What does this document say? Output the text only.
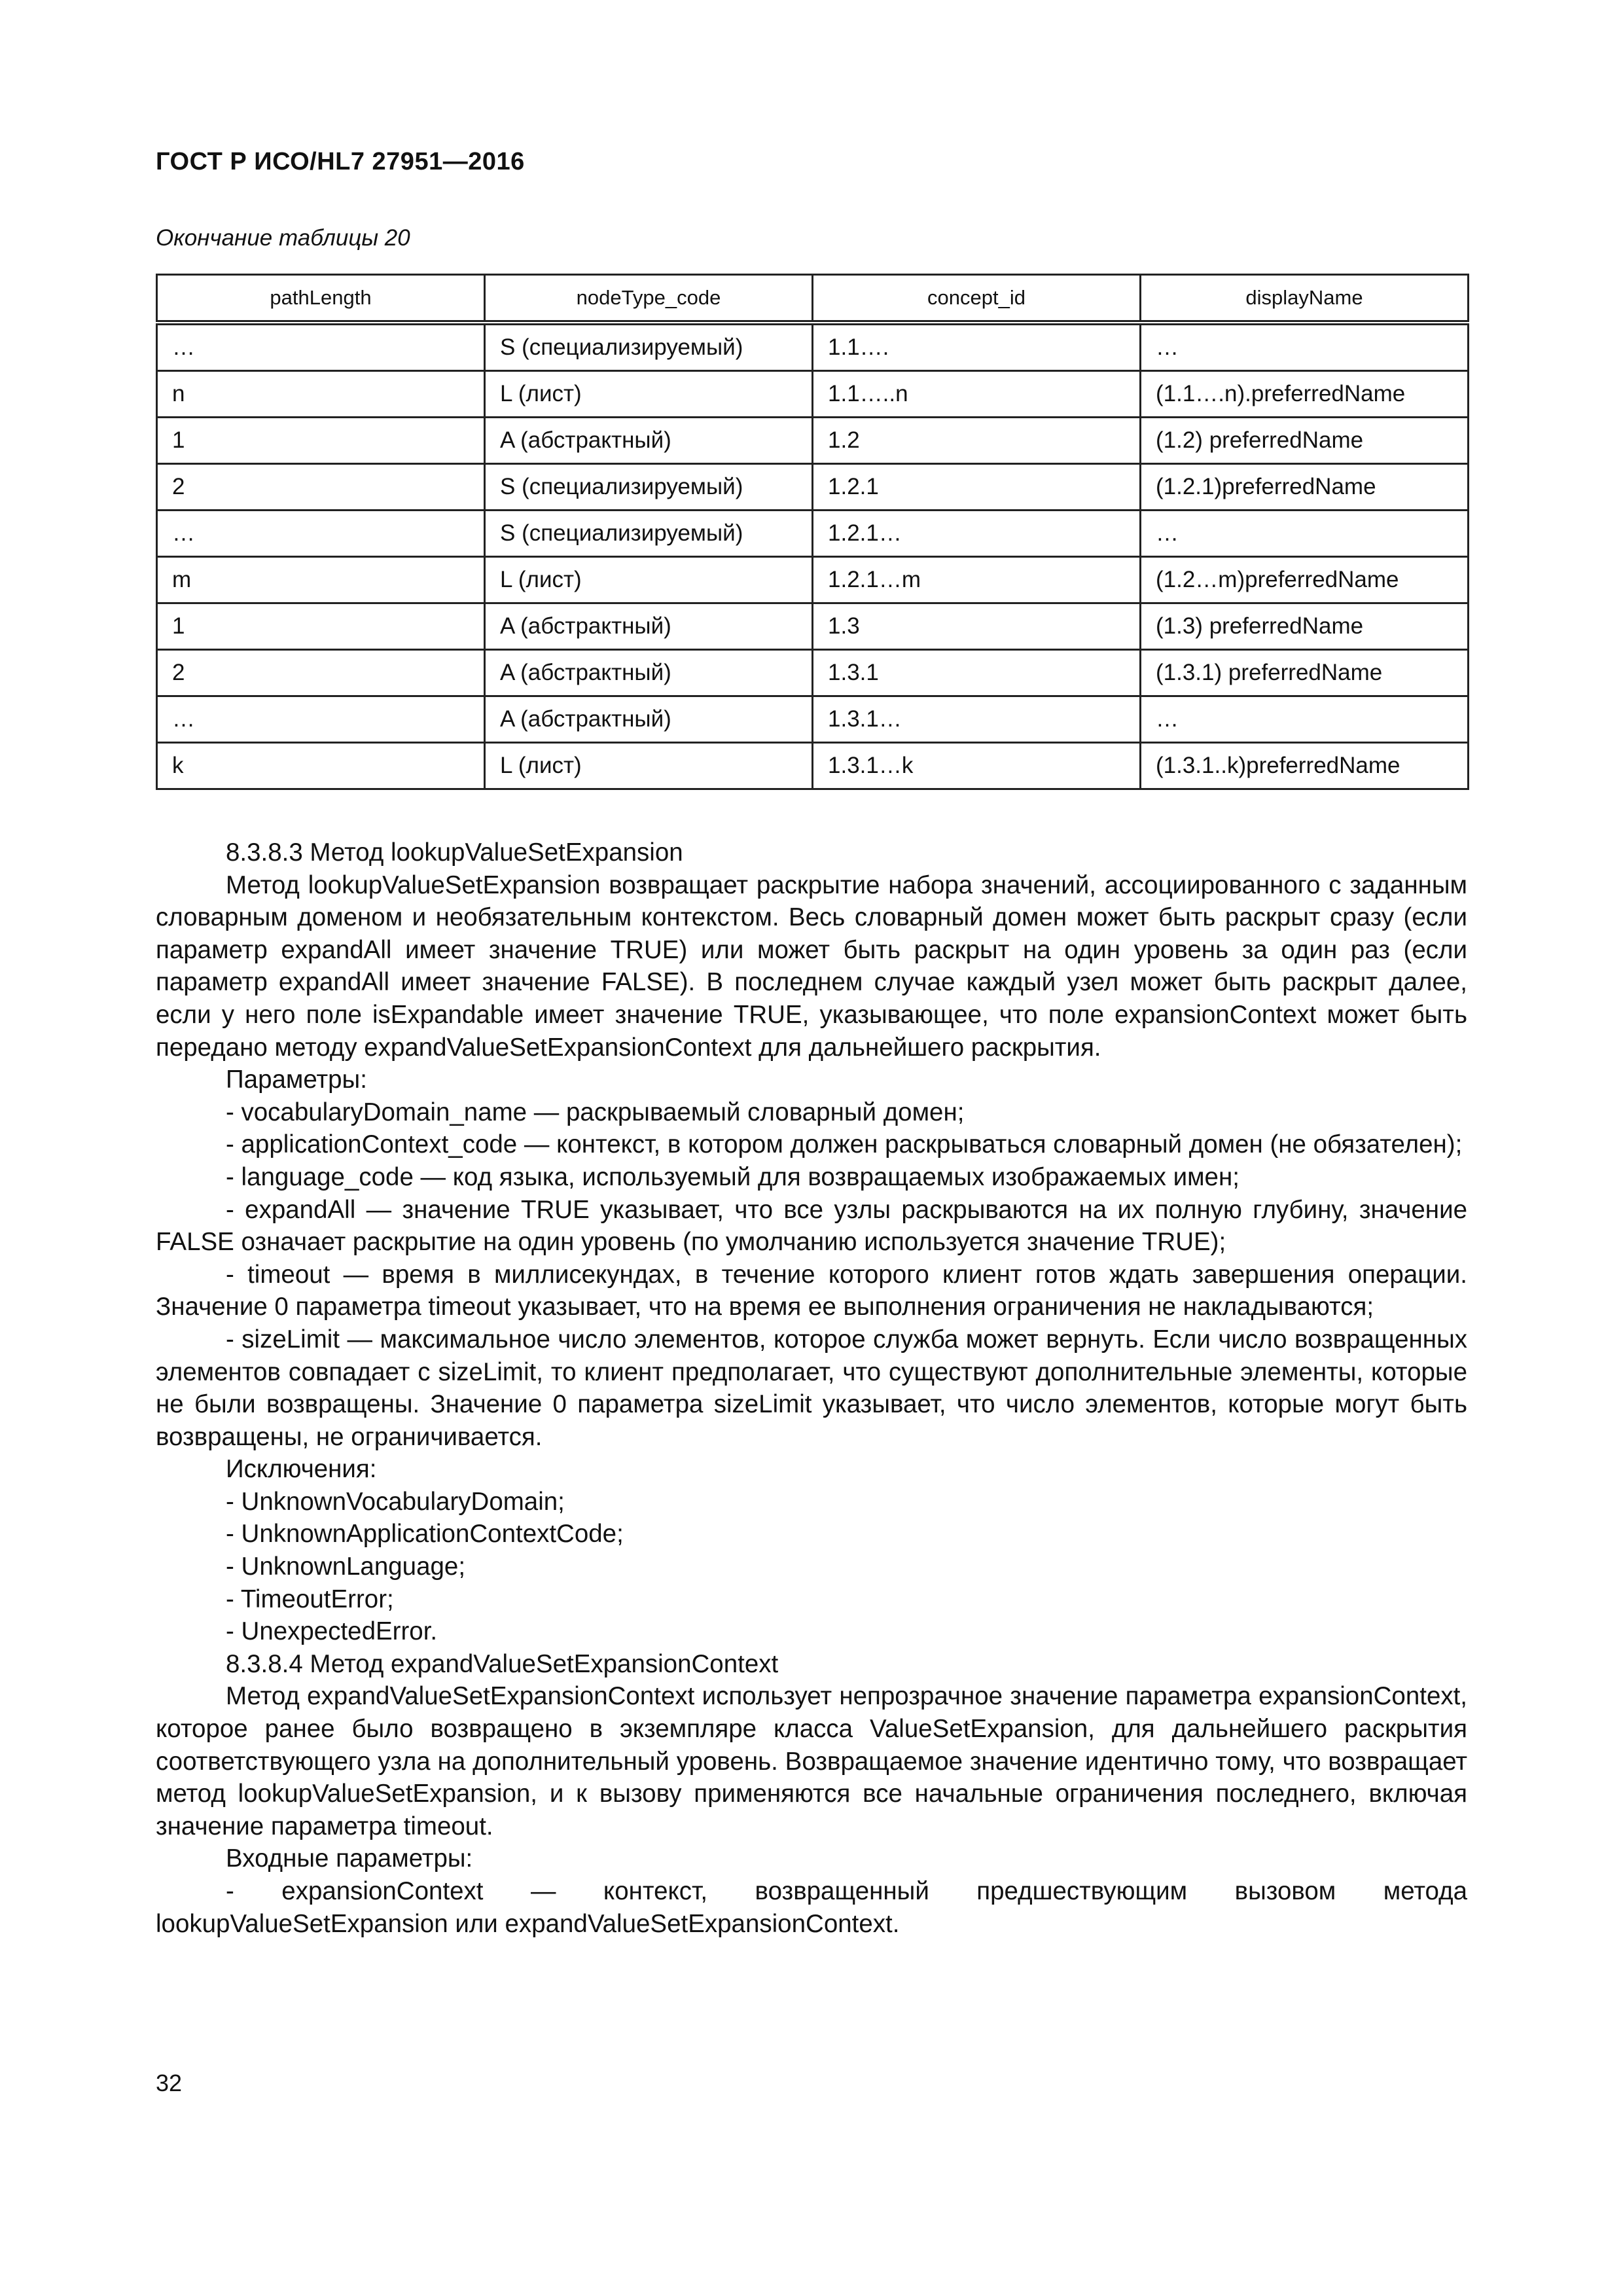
ГОСТ Р ИСО/HL7 27951—2016
Окончание таблицы 20
pathLength	nodeType_code	concept_id	displayName
…	S (специализируемый)	1.1….	…
n	L (лист)	1.1…..n	(1.1….n).preferredName
1	A (абстрактный)	1.2	(1.2) preferredName
2	S (специализируемый)	1.2.1	(1.2.1)preferredName
…	S (специализируемый)	1.2.1…	…
m	L (лист)	1.2.1…m	(1.2…m)preferredName
1	A (абстрактный)	1.3	(1.3) preferredName
2	A (абстрактный)	1.3.1	(1.3.1) preferredName
…	A (абстрактный)	1.3.1…	…
k	L (лист)	1.3.1…k	(1.3.1..k)preferredName

8.3.8.3 Метод lookupValueSetExpansion

Метод lookupValueSetExpansion возвращает раскрытие набора значений, ассоциированного с заданным словарным доменом и необязательным контекстом. Весь словарный домен может быть раскрыт сразу (если параметр expandAll имеет значение TRUE) или может быть раскрыт на один уровень за один раз (если параметр expandAll имеет значение FALSE). В последнем случае каждый узел может быть раскрыт далее, если у него поле isExpandable имеет значение TRUE, указывающее, что поле expansionContext может быть передано методу expandValueSetExpansionContext для дальнейшего раскрытия.

Параметры:

- vocabularyDomain_name — раскрываемый словарный домен;

- applicationContext_code — контекст, в котором должен раскрываться словарный домен (не обязателен);

- language_code — код языка, используемый для возвращаемых изображаемых имен;

- expandAll — значение TRUE указывает, что все узлы раскрываются на их полную глубину, значение FALSE означает раскрытие на один уровень (по умолчанию используется значение TRUE);

- timeout — время в миллисекундах, в течение которого клиент готов ждать завершения операции. Значение 0 параметра timeout указывает, что на время ее выполнения ограничения не накладываются;

- sizeLimit — максимальное число элементов, которое служба может вернуть. Если число возвращенных элементов совпадает с sizeLimit, то клиент предполагает, что существуют дополнительные элементы, которые не были возвращены. Значение 0 параметра sizeLimit указывает, что число элементов, которые могут быть возвращены, не ограничивается.

Исключения:

- UnknownVocabularyDomain;

- UnknownApplicationContextCode;

- UnknownLanguage;

- TimeoutError;

- UnexpectedError.

8.3.8.4 Метод expandValueSetExpansionContext

Метод expandValueSetExpansionContext использует непрозрачное значение параметра expansionContext, которое ранее было возвращено в экземпляре класса ValueSetExpansion, для дальнейшего раскрытия соответствующего узла на дополнительный уровень. Возвращаемое значение идентично тому, что возвращает метод lookupValueSetExpansion, и к вызову применяются все начальные ограничения последнего, включая значение параметра timeout.

Входные параметры:

- expansionContext — контекст, возвращенный предшествующим вызовом метода lookupValueSetExpansion или expandValueSetExpansionContext.

32
